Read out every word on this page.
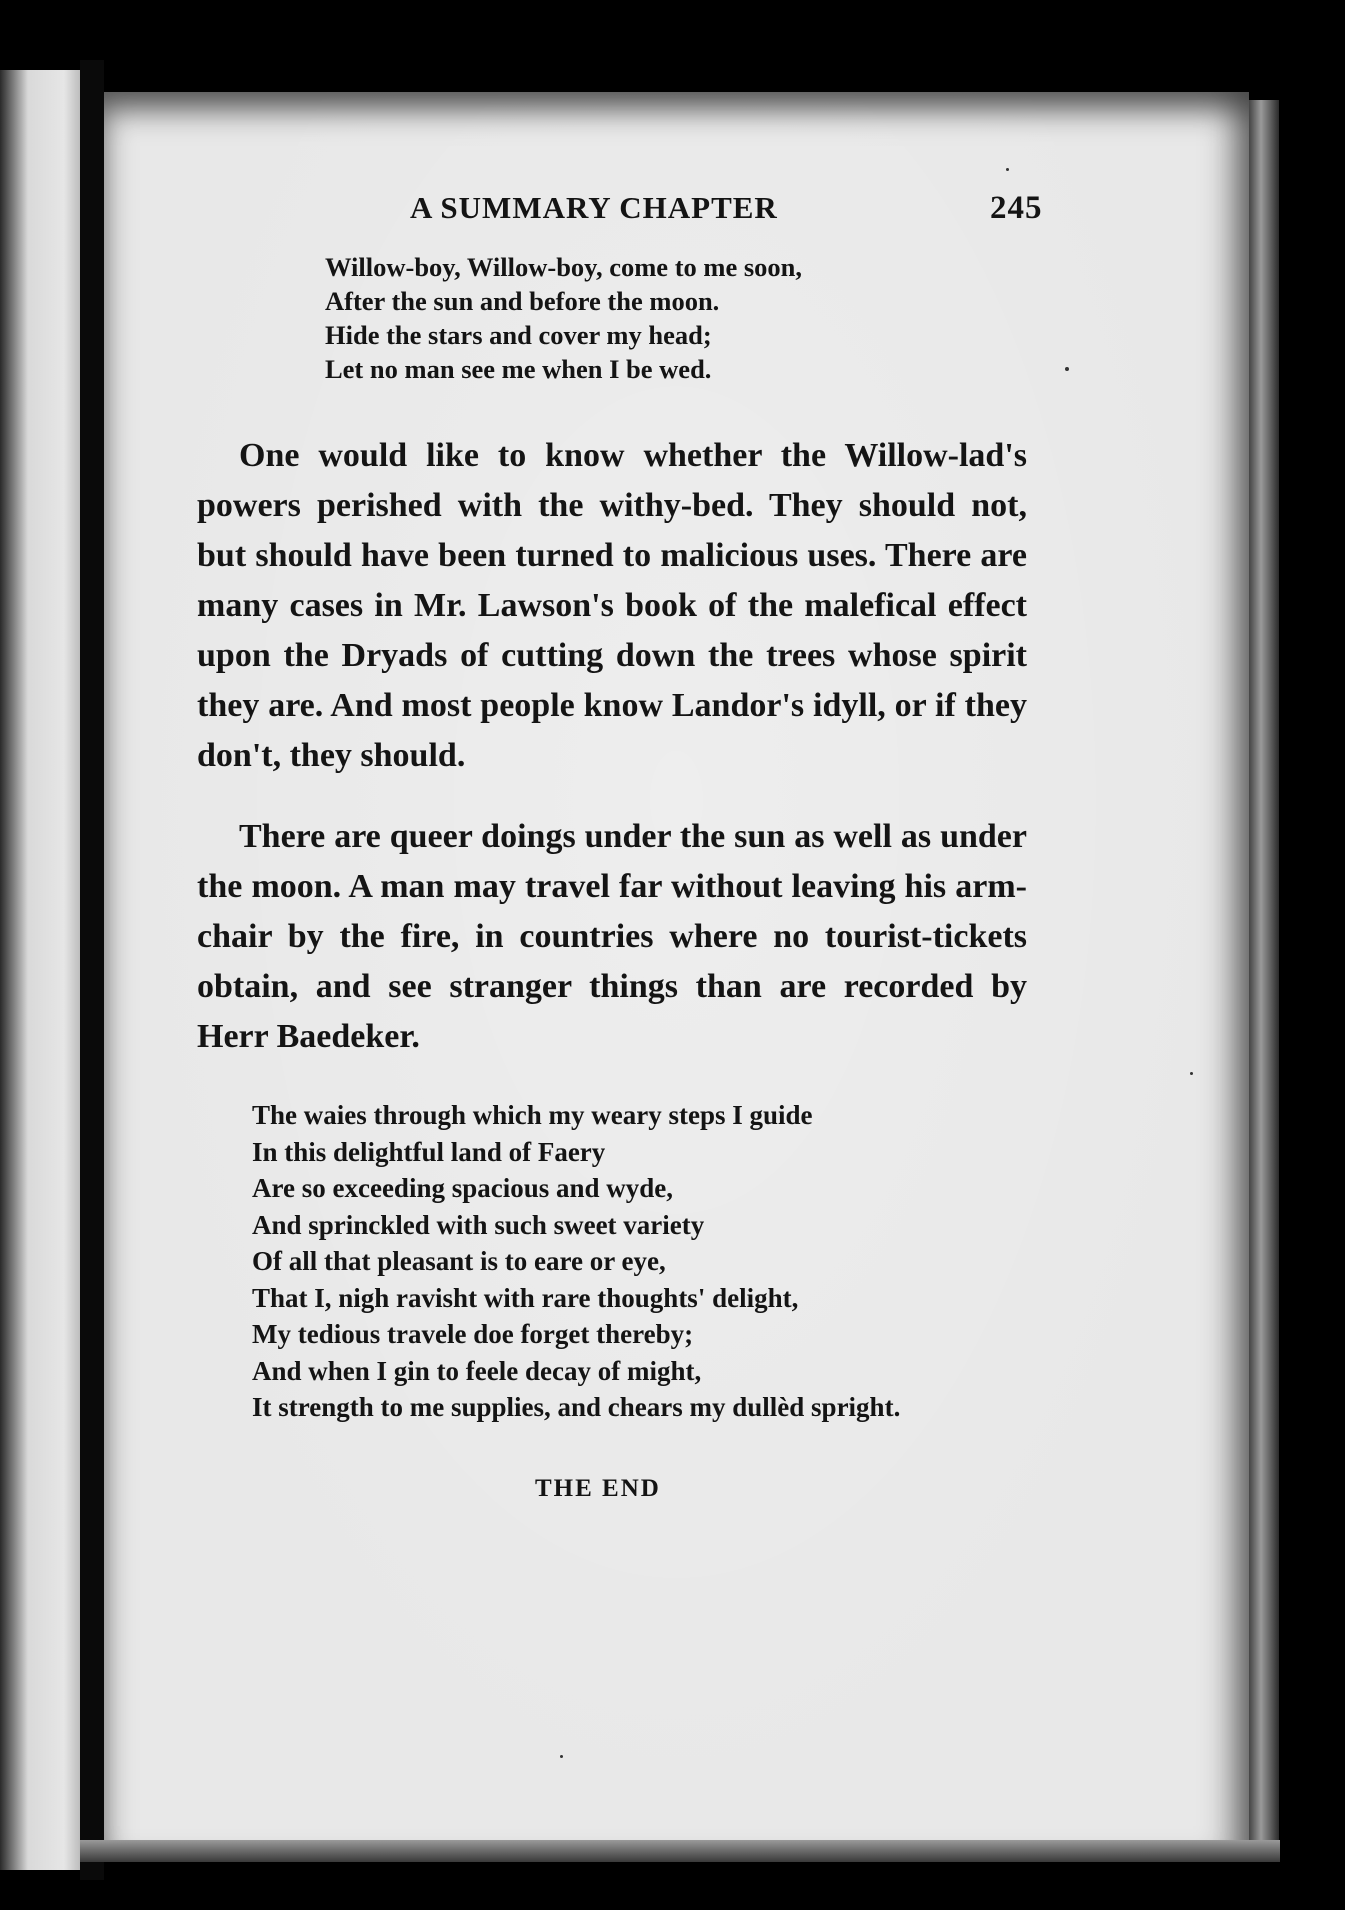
A SUMMARY CHAPTER	245
Willow-boy, Willow-boy, come to me soon,
After the sun and before the moon.
Hide the stars and cover my head;
Let no man see me when I be wed.

One would like to know whether the Willow-lad's powers perished with the withy-bed. They should not, but should have been turned to malicious uses. There are many cases in Mr. Lawson's book of the malefical effect upon the Dryads of cutting down the trees whose spirit they are. And most people know Landor's idyll, or if they don't, they should.

There are queer doings under the sun as well as under the moon. A man may travel far without leaving his arm-chair by the fire, in countries where no tourist-tickets obtain, and see stranger things than are recorded by Herr Baedeker.

The waies through which my weary steps I guide
In this delightful land of Faery
Are so exceeding spacious and wyde,
And sprinckled with such sweet variety
Of all that pleasant is to eare or eye,
That I, nigh ravisht with rare thoughts' delight,
My tedious travele doe forget thereby;
And when I gin to feele decay of might,
It strength to me supplies, and chears my dullèd spright.
THE END
